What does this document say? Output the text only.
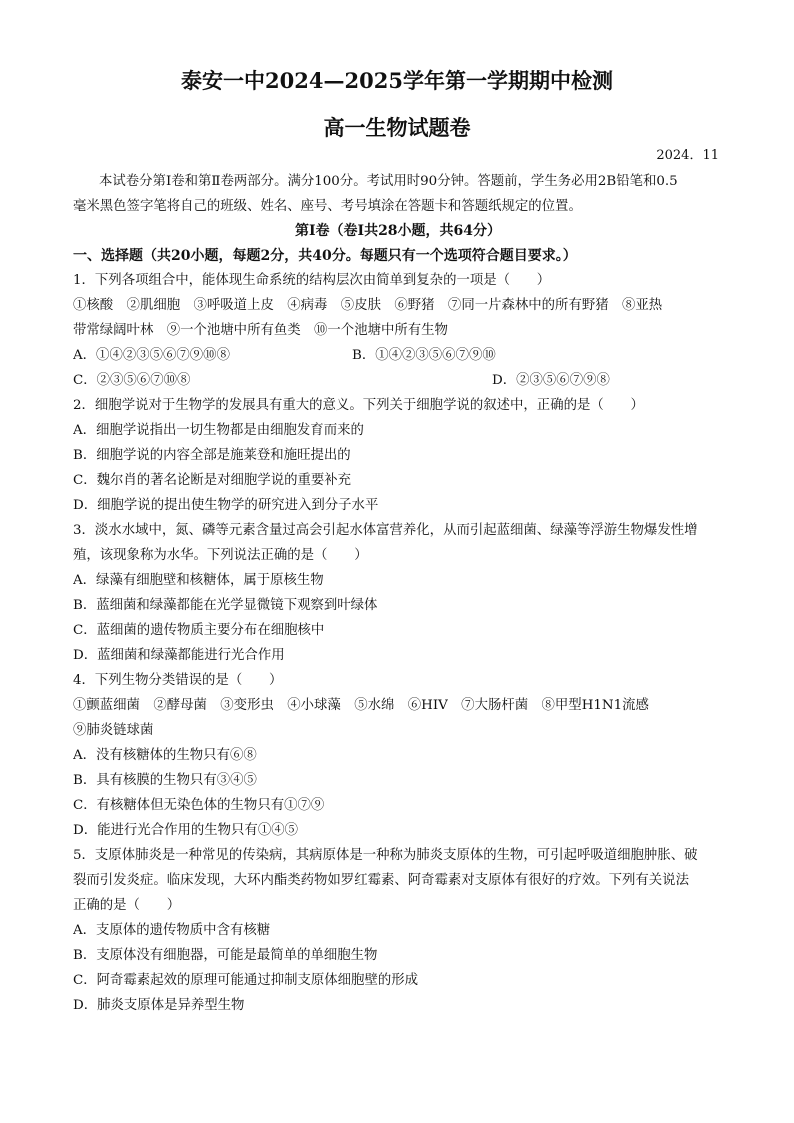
泰安一中2024—2025学年第一学期期中检测
高一生物试题卷
2024．11
本试卷分第Ⅰ卷和第Ⅱ卷两部分。满分100分。考试用时90分钟。答题前，学生务必用2B铅笔和0.5
毫米黑色签字笔将自己的班级、姓名、座号、考号填涂在答题卡和答题纸规定的位置。
第Ⅰ卷（卷Ⅰ共28小题，共64分）
一、选择题（共20小题，每题2分，共40分。每题只有一个选项符合题目要求。）
1．下列各项组合中，能体现生命系统的结构层次由简单到复杂的一项是（　　）
①核酸　②肌细胞　③呼吸道上皮　④病毒　⑤皮肤　⑥野猪　⑦同一片森林中的所有野猪　⑧亚热
带常绿阔叶林　⑨一个池塘中所有鱼类　⑩一个池塘中所有生物
A．①④②③⑤⑥⑦⑨⑩⑧	B．①④②③⑤⑥⑦⑨⑩
C．②③⑤⑥⑦⑩⑧	D．②③⑤⑥⑦⑨⑧
2．细胞学说对于生物学的发展具有重大的意义。下列关于细胞学说的叙述中，正确的是（　　）
A．细胞学说指出一切生物都是由细胞发育而来的
B．细胞学说的内容全部是施莱登和施旺提出的
C．魏尔肖的著名论断是对细胞学说的重要补充
D．细胞学说的提出使生物学的研究进入到分子水平
3．淡水水域中，氮、磷等元素含量过高会引起水体富营养化，从而引起蓝细菌、绿藻等浮游生物爆发性增
殖，该现象称为水华。下列说法正确的是（　　）
A．绿藻有细胞壁和核糖体，属于原核生物
B．蓝细菌和绿藻都能在光学显微镜下观察到叶绿体
C．蓝细菌的遗传物质主要分布在细胞核中
D．蓝细菌和绿藻都能进行光合作用
4．下列生物分类错误的是（　　）
①颤蓝细菌　②酵母菌　③变形虫　④小球藻　⑤水绵　⑥HIV　⑦大肠杆菌　⑧甲型H1N1流感
⑨肺炎链球菌
A．没有核糖体的生物只有⑥⑧
B．具有核膜的生物只有③④⑤
C．有核糖体但无染色体的生物只有①⑦⑨
D．能进行光合作用的生物只有①④⑤
5．支原体肺炎是一种常见的传染病，其病原体是一种称为肺炎支原体的生物，可引起呼吸道细胞肿胀、破
裂而引发炎症。临床发现，大环内酯类药物如罗红霉素、阿奇霉素对支原体有很好的疗效。下列有关说法
正确的是（　　）
A．支原体的遗传物质中含有核糖
B．支原体没有细胞器，可能是最简单的单细胞生物
C．阿奇霉素起效的原理可能通过抑制支原体细胞壁的形成
D．肺炎支原体是异养型生物
